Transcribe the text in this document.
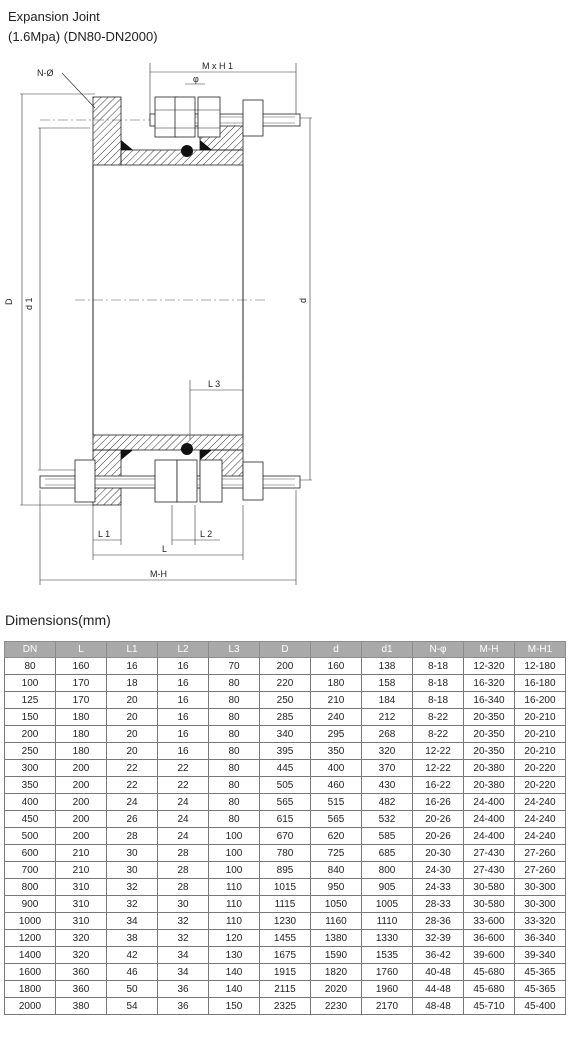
Expansion Joint
(1.6Mpa) (DN80-DN2000)
N-Ø
M x H 1
φ
D d 1	d
L 3
L 1	L 2
L
M-H
Dimensions(mm)
DN	L	L1	L2	L3	D	d	d1	N-φ	M-H	M-H1
80	160	16	16	70	200	160	138	8-18	12-320	12-180
100	170	18	16	80	220	180	158	8-18	16-320	16-180
125	170	20	16	80	250	210	184	8-18	16-340	16-200
150	180	20	16	80	285	240	212	8-22	20-350	20-210
200	180	20	16	80	340	295	268	8-22	20-350	20-210
250	180	20	16	80	395	350	320	12-22	20-350	20-210
300	200	22	22	80	445	400	370	12-22	20-380	20-220
350	200	22	22	80	505	460	430	16-22	20-380	20-220
400	200	24	24	80	565	515	482	16-26	24-400	24-240
450	200	26	24	80	615	565	532	20-26	24-400	24-240
500	200	28	24	100	670	620	585	20-26	24-400	24-240
600	210	30	28	100	780	725	685	20-30	27-430	27-260
700	210	30	28	100	895	840	800	24-30	27-430	27-260
800	310	32	28	110	1015	950	905	24-33	30-580	30-300
900	310	32	30	110	1115	1050	1005	28-33	30-580	30-300
1000	310	34	32	110	1230	1160	1110	28-36	33-600	33-320
1200	320	38	32	120	1455	1380	1330	32-39	36-600	36-340
1400	320	42	34	130	1675	1590	1535	36-42	39-600	39-340
1600	360	46	34	140	1915	1820	1760	40-48	45-680	45-365
1800	360	50	36	140	2115	2020	1960	44-48	45-680	45-365
2000	380	54	36	150	2325	2230	2170	48-48	45-710	45-400
